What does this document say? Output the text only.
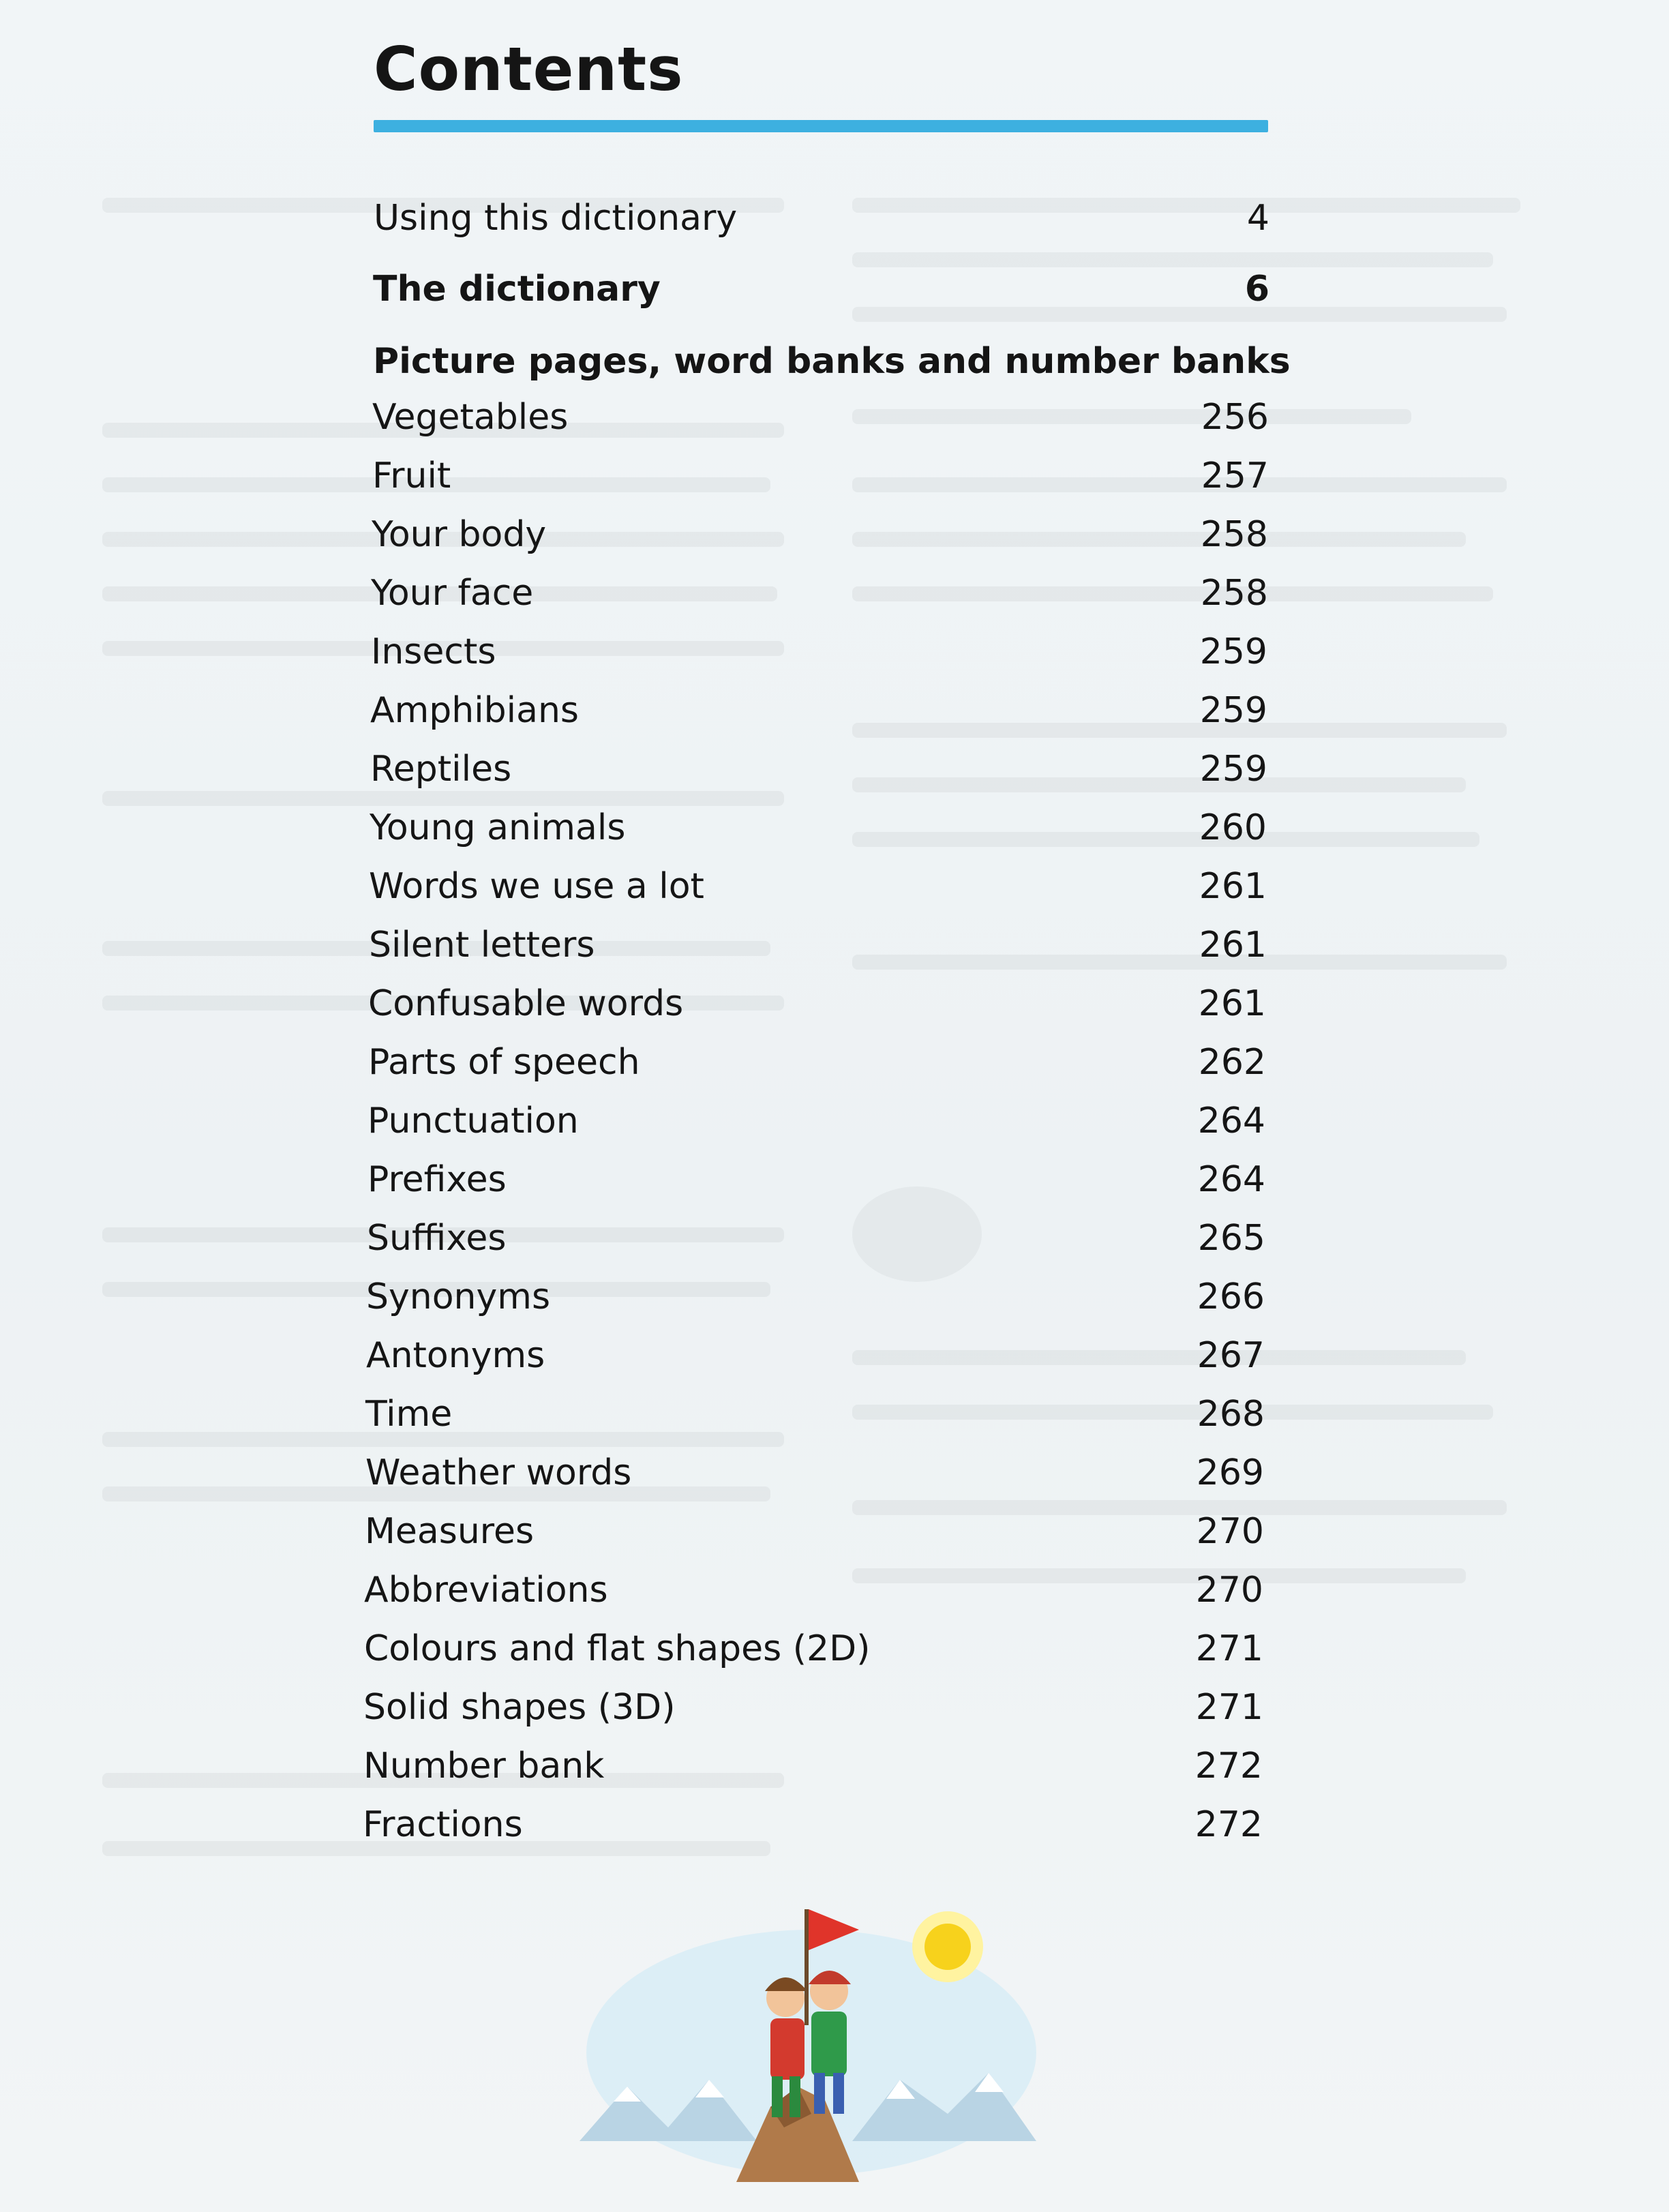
Contents
Using this dictionary	4
The dictionary	6
Picture pages, word banks and number banks
Vegetables	256
Fruit	257
Your body	258
Your face	258
Insects	259
Amphibians	259
Reptiles	259
Young animals	260
Words we use a lot	261
Silent letters	261
Confusable words	261
Parts of speech	262
Punctuation	264
Prefixes	264
Suffixes	265
Synonyms	266
Antonyms	267
Time	268
Weather words	269
Measures	270
Abbreviations	270
Colours and flat shapes (2D)	271
Solid shapes (3D)	271
Number bank	272
Fractions	272
